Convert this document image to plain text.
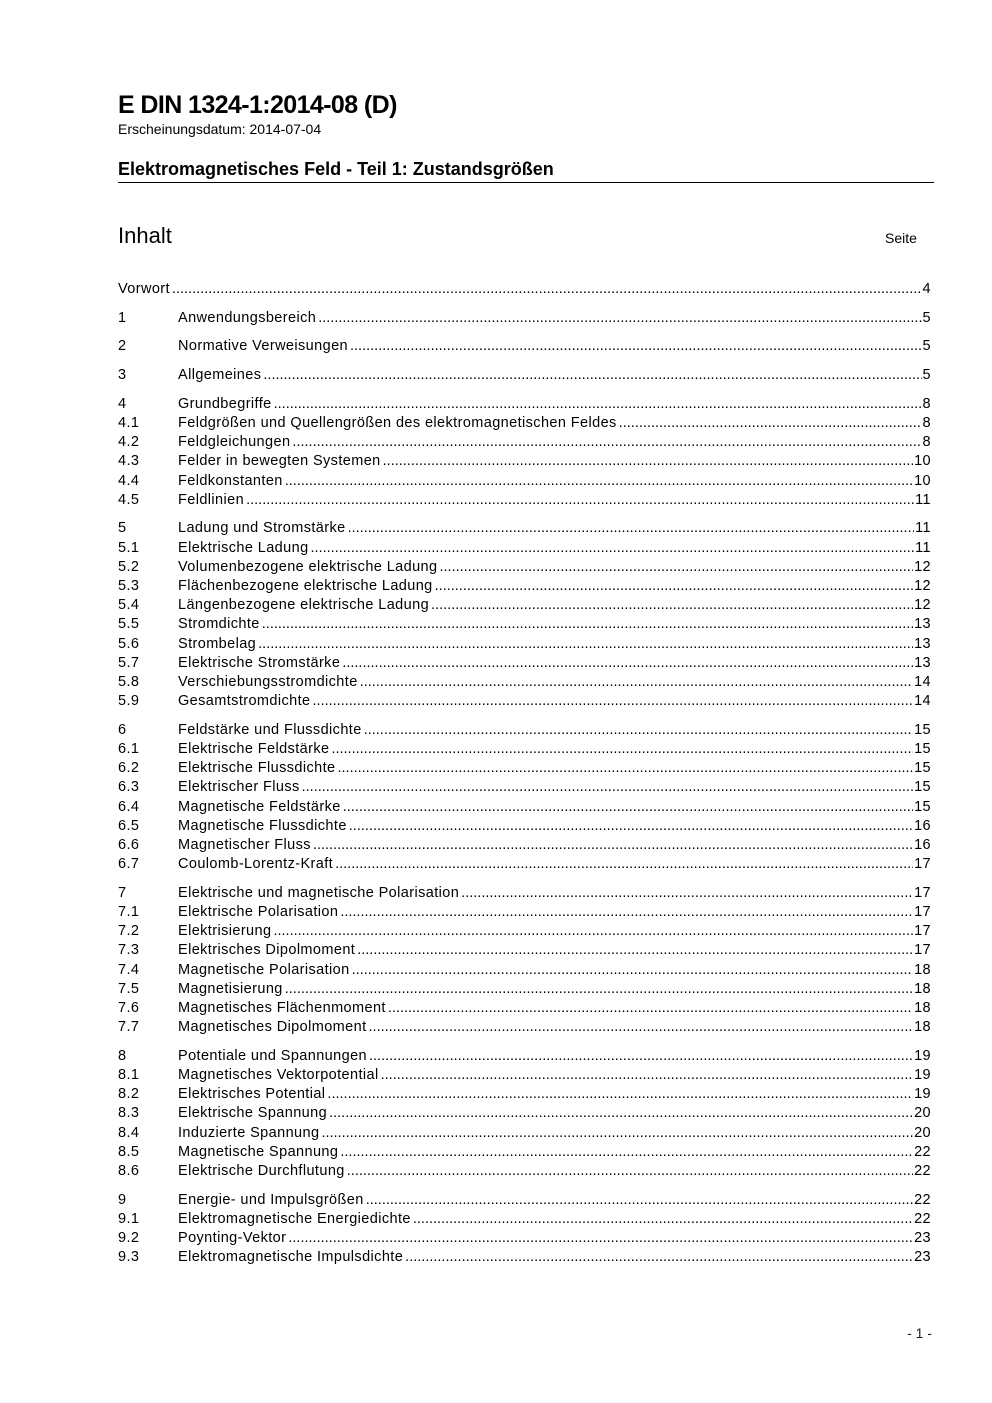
E DIN 1324-1:2014-08 (D)
Erscheinungsdatum: 2014-07-04
Elektromagnetisches Feld - Teil 1: Zustandsgrößen
Inhalt	Seite
Vorwort .....	4
1	Anwendungsbereich .....	5
2	Normative Verweisungen .....	5
3	Allgemeines .....	5
4	Grundbegriffe .....	8
4.1	Feldgrößen und Quellengrößen des elektromagnetischen Feldes .....	8
4.2	Feldgleichungen .....	8
4.3	Felder in bewegten Systemen .....	10
4.4	Feldkonstanten .....	10
4.5	Feldlinien .....	11
5	Ladung und Stromstärke .....	11
5.1	Elektrische Ladung .....	11
5.2	Volumenbezogene elektrische Ladung .....	12
5.3	Flächenbezogene elektrische Ladung .....	12
5.4	Längenbezogene elektrische Ladung .....	12
5.5	Stromdichte .....	13
5.6	Strombelag .....	13
5.7	Elektrische Stromstärke .....	13
5.8	Verschiebungsstromdichte .....	14
5.9	Gesamtstromdichte .....	14
6	Feldstärke und Flussdichte .....	15
6.1	Elektrische Feldstärke .....	15
6.2	Elektrische Flussdichte .....	15
6.3	Elektrischer Fluss .....	15
6.4	Magnetische Feldstärke .....	15
6.5	Magnetische Flussdichte .....	16
6.6	Magnetischer Fluss .....	16
6.7	Coulomb-Lorentz-Kraft .....	17
7	Elektrische und magnetische Polarisation .....	17
7.1	Elektrische Polarisation .....	17
7.2	Elektrisierung .....	17
7.3	Elektrisches Dipolmoment .....	17
7.4	Magnetische Polarisation .....	18
7.5	Magnetisierung .....	18
7.6	Magnetisches Flächenmoment .....	18
7.7	Magnetisches Dipolmoment .....	18
8	Potentiale und Spannungen .....	19
8.1	Magnetisches Vektorpotential .....	19
8.2	Elektrisches Potential .....	19
8.3	Elektrische Spannung .....	20
8.4	Induzierte Spannung .....	20
8.5	Magnetische Spannung .....	22
8.6	Elektrische Durchflutung .....	22
9	Energie- und Impulsgrößen .....	22
9.1	Elektromagnetische Energiedichte .....	22
9.2	Poynting-Vektor .....	23
9.3	Elektromagnetische Impulsdichte .....	23
- 1 -
